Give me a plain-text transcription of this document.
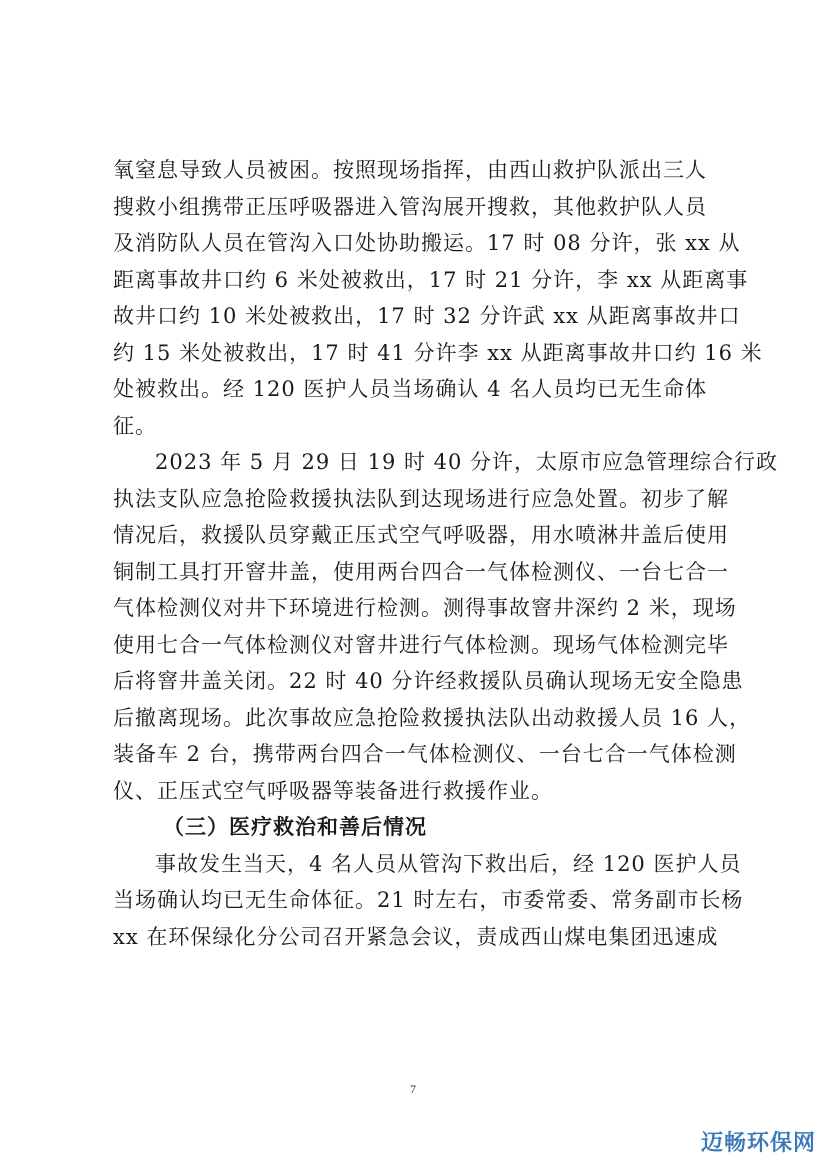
氧窒息导致人员被困。按照现场指挥，由西山救护队派出三人
搜救小组携带正压呼吸器进入管沟展开搜救，其他救护队人员
及消防队人员在管沟入口处协助搬运。17 时 08 分许，张 xx 从
距离事故井口约 6 米处被救出，17 时 21 分许，李 xx 从距离事
故井口约 10 米处被救出，17 时 32 分许武 xx 从距离事故井口
约 15 米处被救出，17 时 41 分许李 xx 从距离事故井口约 16 米
处被救出。经 120 医护人员当场确认 4 名人员均已无生命体
征。
2023 年 5 月 29 日 19 时 40 分许，太原市应急管理综合行政
执法支队应急抢险救援执法队到达现场进行应急处置。初步了解
情况后，救援队员穿戴正压式空气呼吸器，用水喷淋井盖后使用
铜制工具打开窨井盖，使用两台四合一气体检测仪、一台七合一
气体检测仪对井下环境进行检测。测得事故窨井深约 2 米，现场
使用七合一气体检测仪对窨井进行气体检测。现场气体检测完毕
后将窨井盖关闭。22 时 40 分许经救援队员确认现场无安全隐患
后撤离现场。此次事故应急抢险救援执法队出动救援人员 16 人，
装备车 2 台，携带两台四合一气体检测仪、一台七合一气体检测
仪、正压式空气呼吸器等装备进行救援作业。
（三）医疗救治和善后情况
事故发生当天，4 名人员从管沟下救出后，经 120 医护人员
当场确认均已无生命体征。21 时左右，市委常委、常务副市长杨
xx 在环保绿化分公司召开紧急会议，责成西山煤电集团迅速成
7
迈畅环保网
